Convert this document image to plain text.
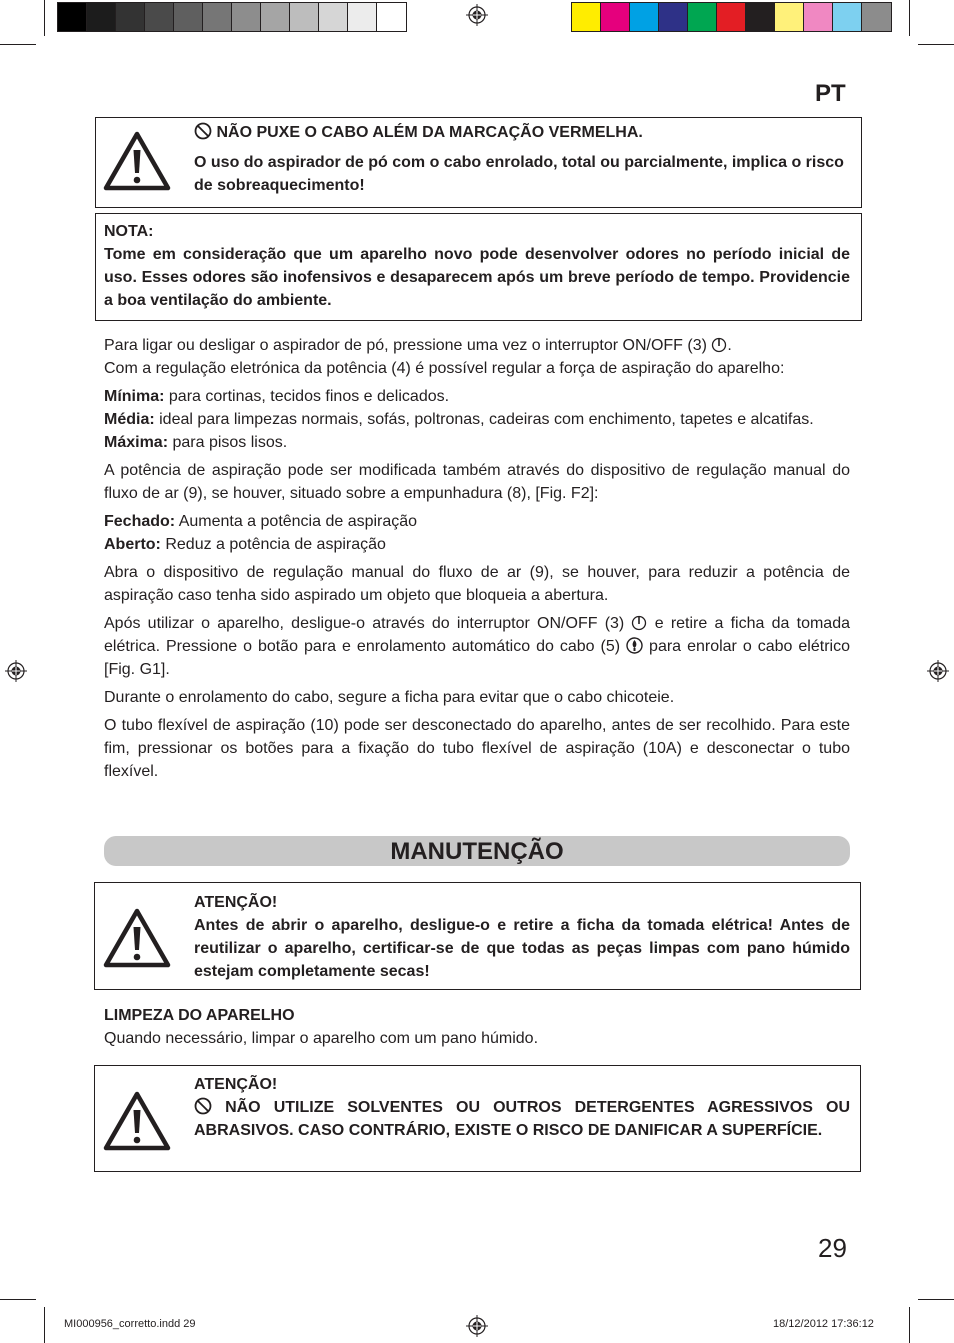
PT
NÃO PUXE O CABO ALÉM DA MARCAÇÃO VERMELHA.
O uso do aspirador de pó com o cabo enrolado, total ou parcialmente, implica o risco de sobreaquecimento!
NOTA:
Tome em consideração que um aparelho novo pode desenvolver odores no período inicial de uso. Esses odores são inofensivos e desaparecem após um breve período de tempo. Providencie a boa ventilação do ambiente.

Para ligar ou desligar o aspirador de pó, pressione uma vez o interruptor ON/OFF (3) .

Com a regulação eletrónica da potência (4) é possível regular a força de aspiração do aparelho:

Mínima: para cortinas, tecidos finos e delicados.

Média: ideal para limpezas normais, sofás, poltronas, cadeiras com enchimento, tapetes e alcatifas.

Máxima: para pisos lisos.

A potência de aspiração pode ser modificada também através do dispositivo de regulação manual do fluxo de ar (9), se houver, situado sobre a empunhadura (8), [Fig. F2]:

Fechado: Aumenta a potência de aspiração

Aberto: Reduz a potência de aspiração

Abra o dispositivo de regulação manual do fluxo de ar (9), se houver, para reduzir a potência de aspiração caso tenha sido aspirado um objeto que bloqueia a abertura.

Após utilizar o aparelho, desligue-o através do interruptor ON/OFF (3)  e retire a ficha da tomada elétrica. Pressione o botão para e enrolamento automático do cabo (5)  para enrolar o cabo elétrico [Fig. G1].

Durante o enrolamento do cabo, segure a ficha para evitar que o cabo chicoteie.

O tubo flexível de aspiração (10) pode ser desconectado do aparelho, antes de ser recolhido. Para este fim, pressionar os botões para a fixação do tubo flexível de aspiração (10A) e desconectar o tubo flexível.

MANUTENÇÃO
ATENÇÃO!
Antes de abrir o aparelho, desligue-o e retire a ficha da tomada elétrica! Antes de reutilizar o aparelho, certificar-se de que todas as peças limpas com pano húmido estejam completamente secas!

LIMPEZA DO APARELHO

Quando necessário, limpar o aparelho com um pano húmido.

ATENÇÃO!
NÃO UTILIZE SOLVENTES OU OUTROS DETERGENTES AGRESSIVOS OU ABRASIVOS. CASO CONTRÁRIO, EXISTE O RISCO DE DANIFICAR A SUPERFÍCIE.
29
MI000956_corretto.indd 29	18/12/2012 17:36:12
